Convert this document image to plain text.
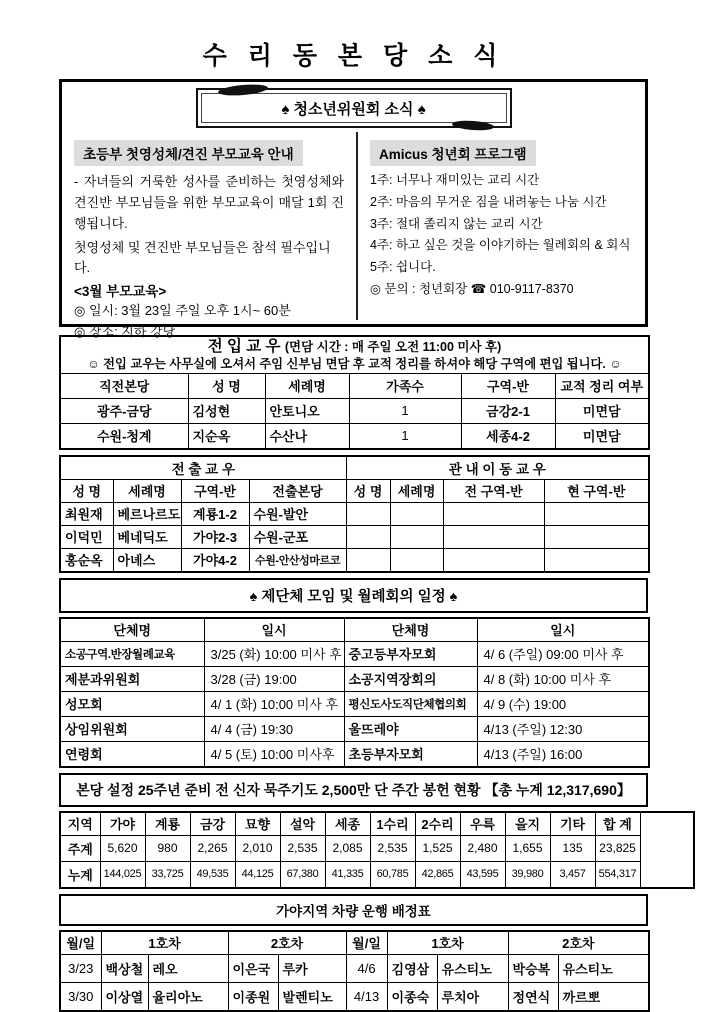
수 리 동 본 당 소 식
♠ 청소년위원회 소식 ♠
초등부 첫영성체/견진 부모교육 안내

- 자녀들의 거룩한 성사를 준비하는 첫영성체와 견진반 부모님들을 위한 부모교육이 매달 1회 진행됩니다.

첫영성체 및 견진반 부모님들은 참석 필수입니다.

<3월 부모교육>

◎ 일시: 3월 23일 주일 오후 1시~ 60분

◎ 장소: 지하 강당

Amicus 청년회 프로그램

1주: 너무나 재미있는 교리 시간

2주: 마음의 무거운 짐을 내려놓는 나눔 시간

3주: 절대 졸리지 않는 교리 시간

4주: 하고 싶은 것을 이야기하는 월례회의 & 회식

5주: 쉽니다.

◎ 문의 : 청년회장 ☎ 010-9117-8370

전 입 교 우 (면담 시간 : 매 주일 오전 11:00 미사 후)
☺ 전입 교우는 사무실에 오셔서 주임 신부님 면담 후 교적 정리를 하셔야 해당 구역에 편입 됩니다. ☺					

직전본당	성 명	세례명	가족수	구역-반	교적 정리 여부
광주-금당	김성현	안토니오	1	금강2-1	미면담
수원-청계	지순옥	수산나	1	세종4-2	미면담
전 출 교 우				관 내 이 동 교 우			
성 명	세례명	구역-반	전출본당	성 명	세례명	전 구역-반	현 구역-반
최원재	베르나르도	계룡1-2	수원-발안				
이덕민	베네딕도	가야2-3	수원-군포				
홍순옥	아녜스	가야4-2	수원-안산성마르코				
♠ 제단체 모임 및 월례회의 일정 ♠
단체명	일시	단체명	일시
소공구역.반장월례교육	3/25 (화) 10:00 미사 후	중고등부자모회	4/ 6 (주일) 09:00 미사 후
제분과위원회	3/28 (금) 19:00	소공지역장회의	4/ 8 (화) 10:00 미사 후
성모회	4/ 1 (화) 10:00 미사 후	평신도사도직단체협의회	4/ 9 (수) 19:00
상임위원회	4/ 4 (금) 19:30	울뜨레야	4/13 (주일) 12:30
연령회	4/ 5 (토) 10:00 미사후	초등부자모회	4/13 (주일) 16:00
본당 설정 25주년 준비 전 신자 묵주기도 2,500만 단 주간 봉헌 현황 【총 누계 12,317,690】
지역	가야	계룡	금강	묘향	설악	세종	1수리	2수리	우륵	을지	기타	합 계
주계	5,620	980	2,265	2,010	2,535	2,085	2,535	1,525	2,480	1,655	135	23,825
누계	144,025	33,725	49,535	44,125	67,380	41,335	60,785	42,865	43,595	39,980	3,457	554,317
가야지역 차량 운행 배정표
월/일	1호차		2호차		월/일	1호차		2호차	
3/23	백상철	레오	이은국	루카	4/6	김영삼	유스티노	박승복	유스티노
3/30	이상열	율리아노	이종원	발렌티노	4/13	이종숙	루치아	정연식	까르뽀
